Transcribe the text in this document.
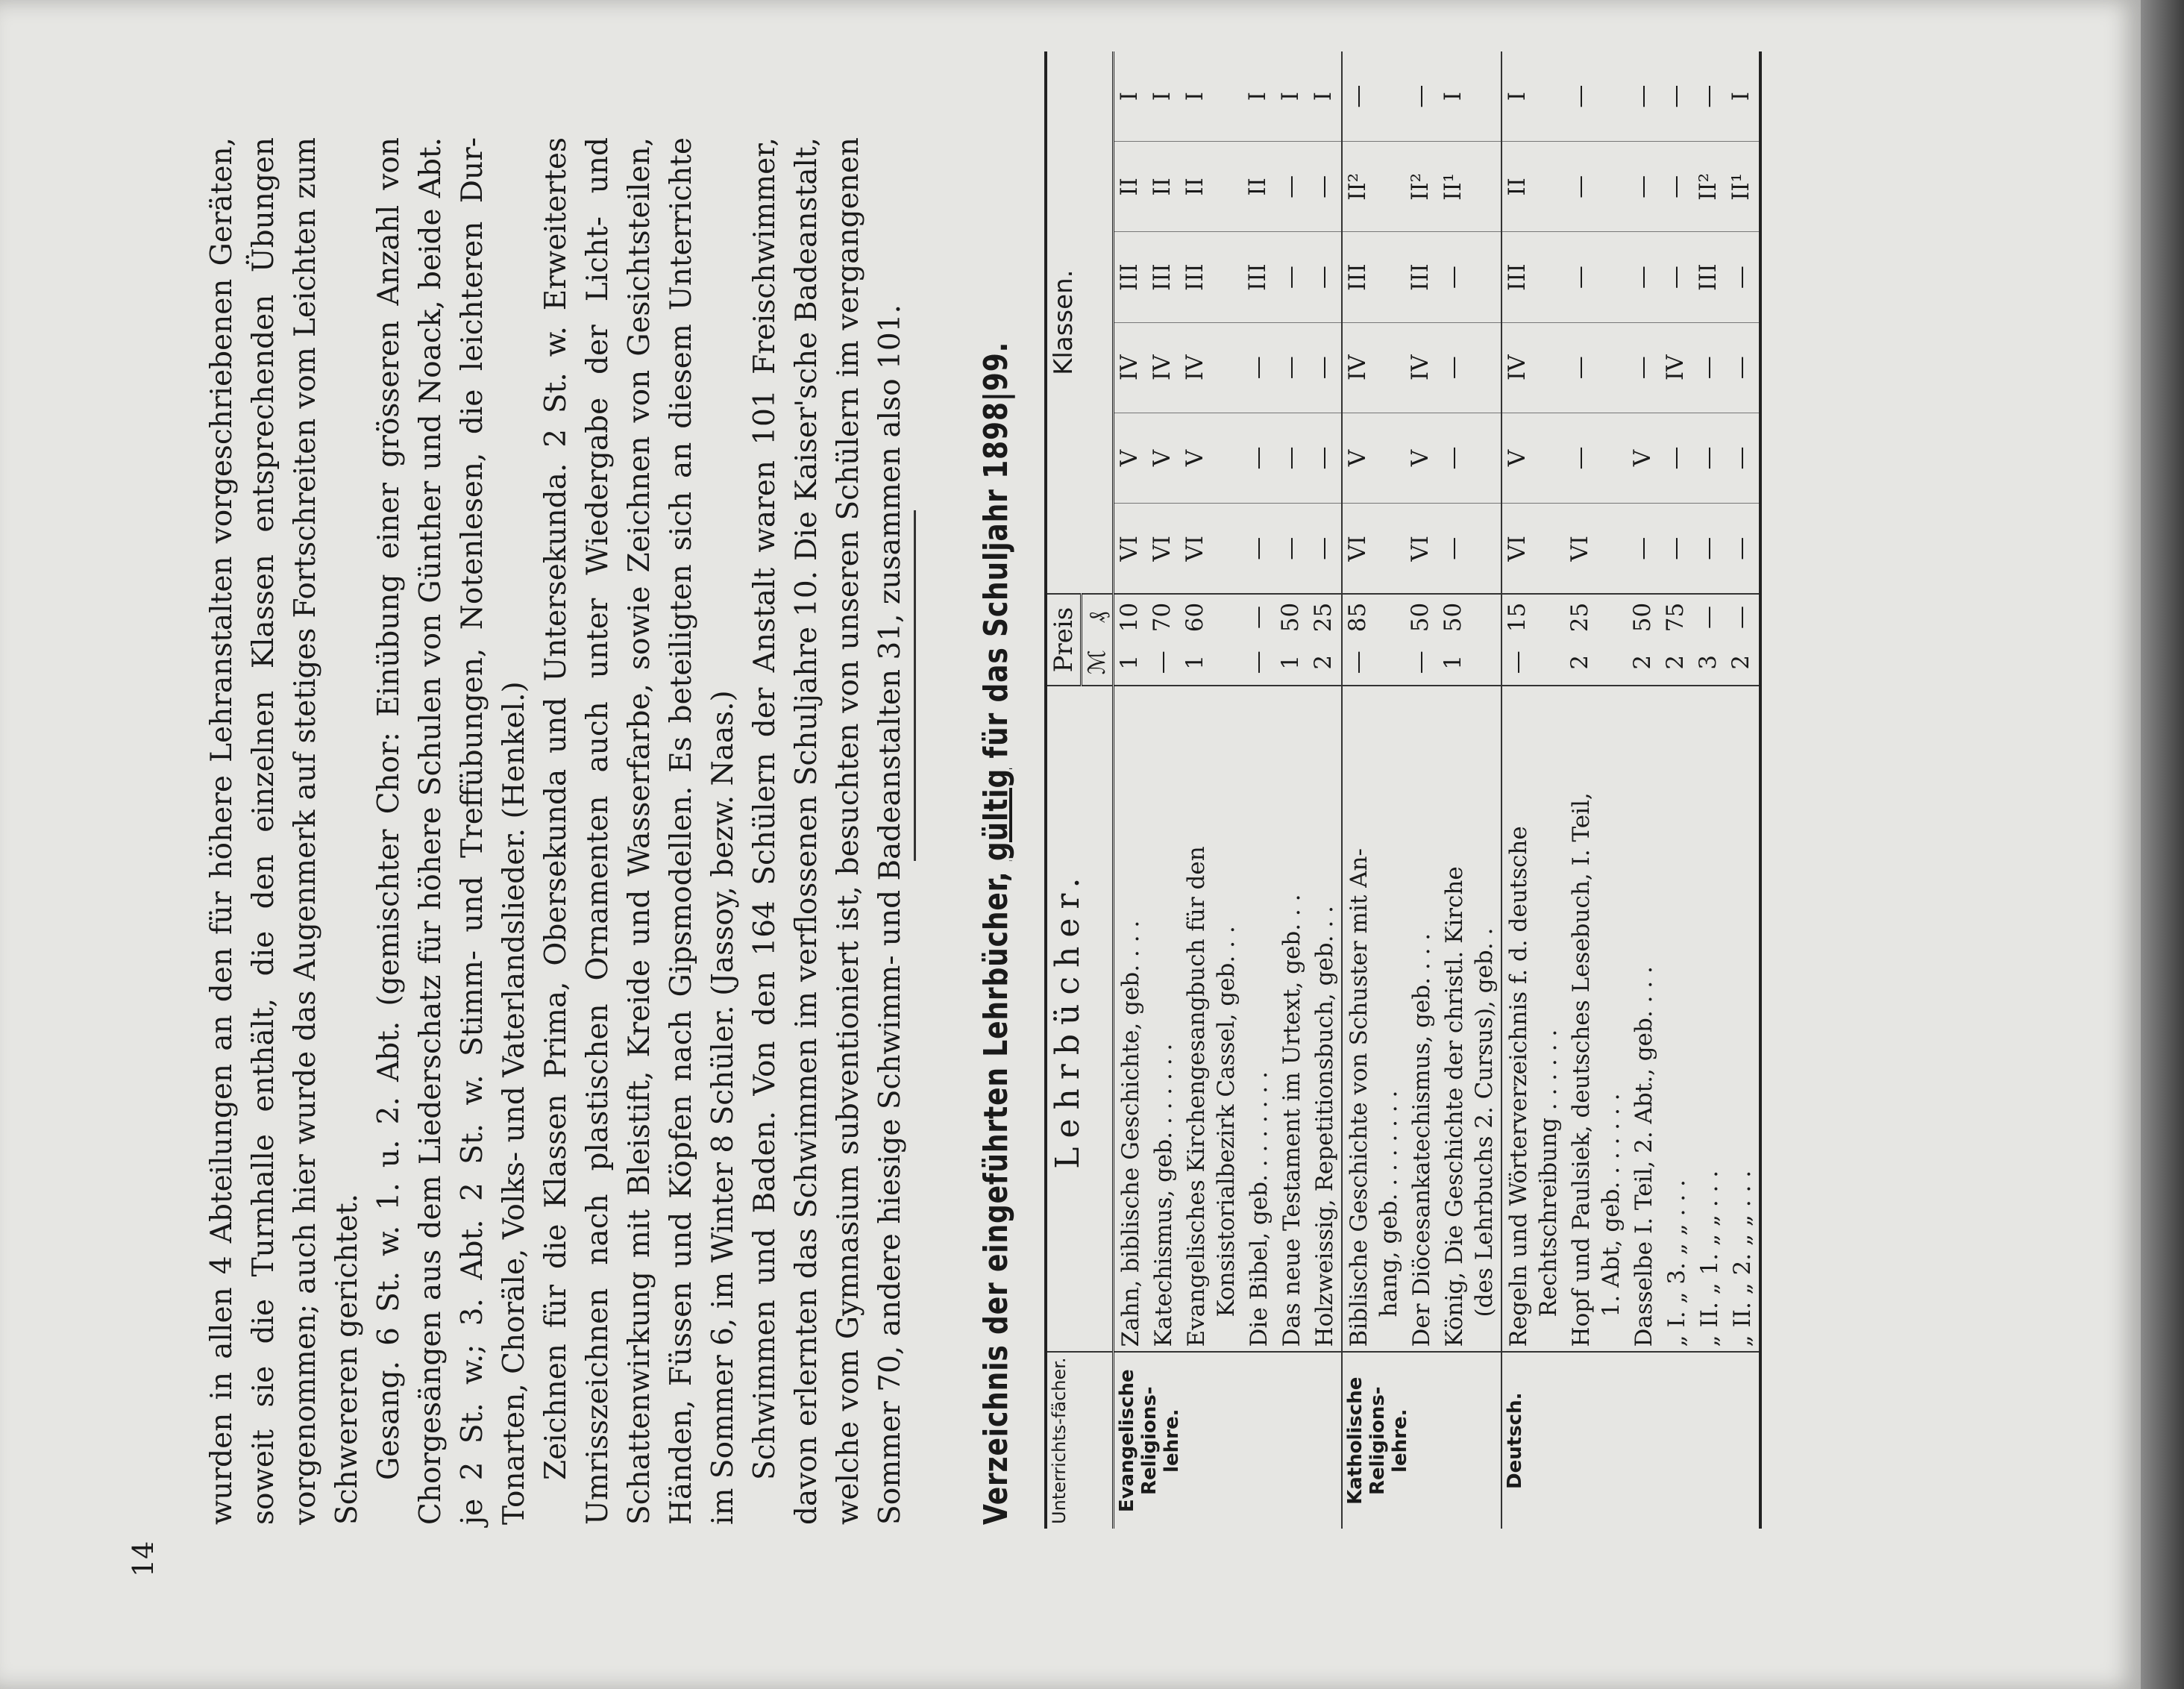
14

wurden in allen 4 Abteilungen an den für höhere Lehranstalten vorgeschriebenen Geräten, soweit sie die Turnhalle enthält, die den einzelnen Klassen entsprechenden Übungen vorgenommen; auch hier wurde das Augenmerk auf stetiges Fortschreiten vom Leichten zum Schwereren gerichtet. Gesang. 6 St. w. 1. u. 2. Abt. (gemischter Chor: Einübung einer grösseren Anzahl von Chorgesängen aus dem Liederschatz für höhere Schulen von Günther und Noack, beide Abt. je 2 St. w.; 3. Abt. 2 St. w. Stimm- und Treffübungen, Notenlesen, die leichteren Dur-Tonarten, Choräle, Volks- und Vaterlandslieder. (Henkel.) Zeichnen für die Klassen Prima, Obersekunda und Untersekunda. 2 St. w. Erweitertes Umrisszeichnen nach plastischen Ornamenten auch unter Wiedergabe der Licht- und Schattenwirkung mit Bleistift, Kreide und Wasserfarbe, sowie Zeichnen von Gesichtsteilen, Händen, Füssen und Köpfen nach Gipsmodellen. Es beteiligten sich an diesem Unterrichte im Sommer 6, im Winter 8 Schüler. (Jassoy, bezw. Naas.) Schwimmen und Baden. Von den 164 Schülern der Anstalt waren 101 Freischwimmer, davon erlernten das Schwimmen im verflossenen Schuljahre 10. Die Kaiser'sche Badeanstalt, welche vom Gymnasium subventioniert ist, besuchten von unseren Schülern im vergangenen Sommer 70, andere hiesige Schwimm- und Badeanstalten 31, zusammen also 101. Verzeichnis der eingeführten Lehrbücher, gültig für das Schuljahr 1898|99.
Unterrichts-fächer.	Lehrbücher.	Preis		Klassen.					
		ℳ	₰						
Evangelische Religions-lehre.	Zahn, biblische Geschichte, geb. . . .	1	10	VI	V	IV	III	II	I

	Katechismus, geb. . . . . . .	—	70	VI	V	IV	III	II	I

	Evangelisches Kirchengesangbuch für den Konsistorialbezirk Cassel, geb. . .	1	60	VI	V	IV	III	II	I

	Die Bibel, geb. . . . . . . .	—	—	—	—	—	III	II	I

	Das neue Testament im Urtext, geb. . .	1	50	—	—	—	—	—	I

	Holzweissig, Repetitionsbuch, geb. . .	2	25	—	—	—	—	—	I
Katholische Religions-lehre.	Biblische Geschichte von Schuster mit An- hang, geb. . . . . . . .	—	85	VI	V	IV	III	II²	—

	Der Diöcesankatechismus, geb. . . .	—	50	VI	V	IV	III	II²	—

	König, Die Geschichte der christl. Kirche (des Lehrbuchs 2. Cursus), geb. .	1	50	—	—	—	—	II¹	I
Deutsch.	Regeln und Wörterverzeichnis f. d. deutsche Rechtschreibung . . . . . .	—	15	VI	V	IV	III	II	I

	Hopf und Paulsiek, deutsches Lesebuch, I. Teil, 1. Abt, geb. . . . . . .	2	25	VI	—	—	—	—	—

	Dasselbe I. Teil, 2. Abt., geb. . . .	2	50	—	V	—	—	—	—

	„ I. „ 3. „ „ . . .	2	75	—	—	IV	—	—	—

	„ II. „ 1. „ „ . . .	3	—	—	—	—	III	II²	—

	„ II. „ 2. „ „ . . .	2	—	—	—	—	—	II¹	I
